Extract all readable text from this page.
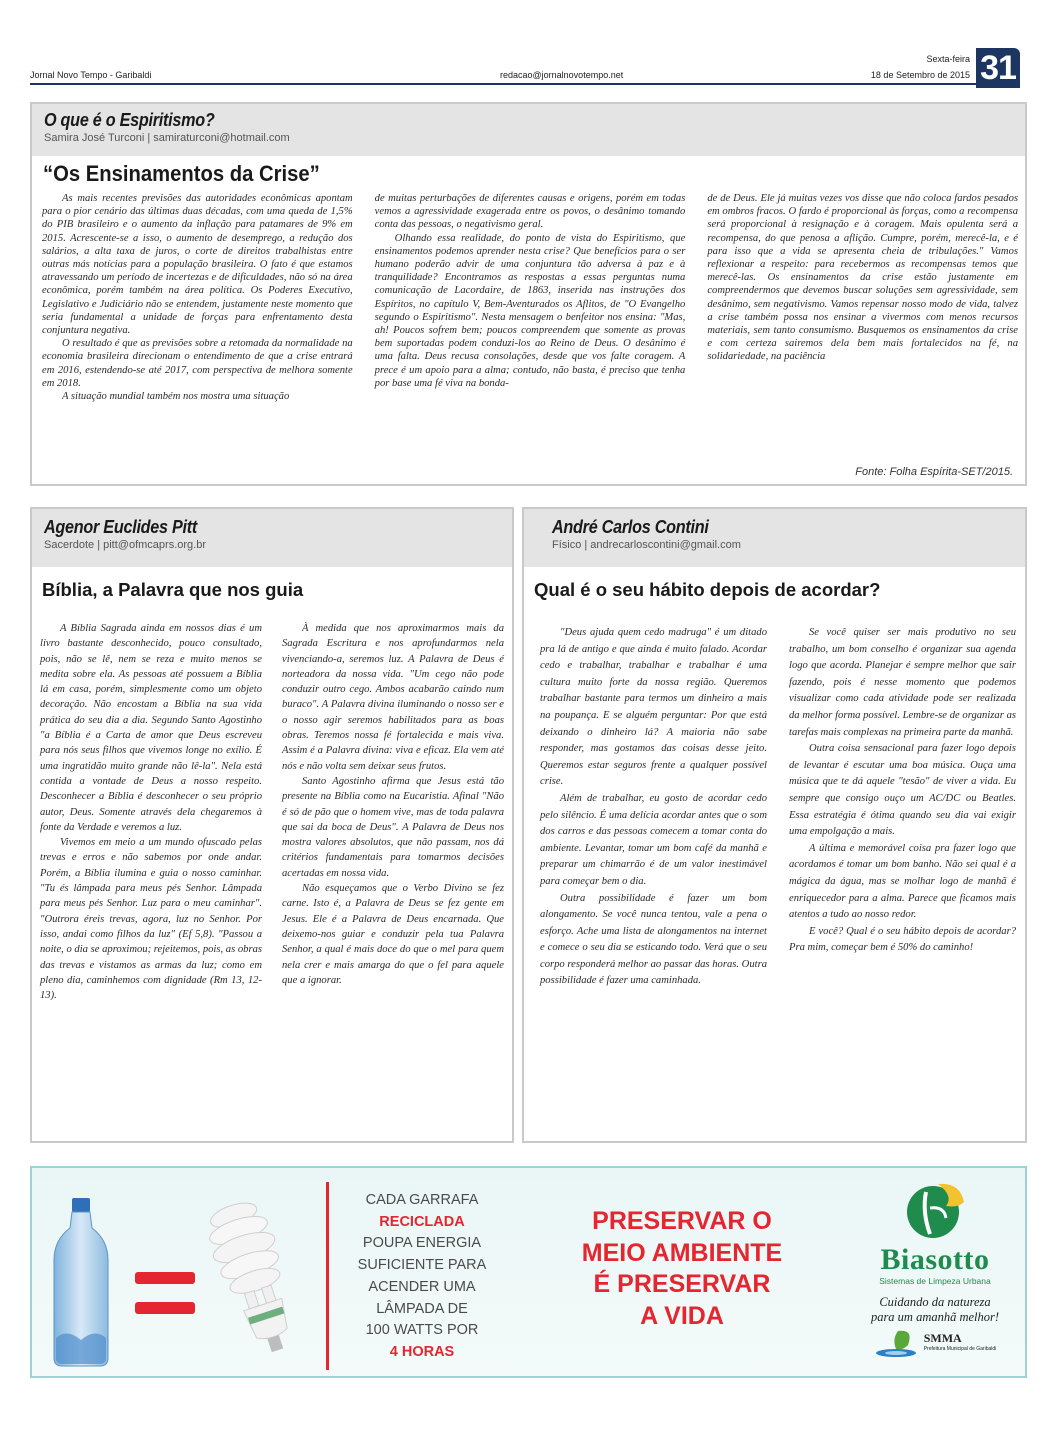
Jornal Novo Tempo - Garibaldi	redacao@jornalnovotempo.net
Sexta-feira
18 de Setembro de 2015 31
O que é o Espiritismo?
Samira José Turconi | samiraturconi@hotmail.com
“Os Ensinamentos da Crise”

As mais recentes previsões das autoridades econômicas apontam para o pior cenário das últimas duas décadas, com uma queda de 1,5% do PIB brasileiro e o aumento da inflação para patamares de 9% em 2015. Acrescente-se a isso, o aumento de desemprego, a redução dos salários, a alta taxa de juros, o corte de direitos trabalhistas entre outras más notícias para a população brasileira. O fato é que estamos atravessando um período de incertezas e de dificuldades, não só na área econômica, porém também na área política. Os Poderes Executivo, Legislativo e Judiciário não se entendem, justamente neste momento que seria fundamental a unidade de forças para enfrentamento desta conjuntura negativa.

O resultado é que as previsões sobre a retomada da normalidade na economia brasileira direcionam o entendimento de que a crise entrará em 2016, estendendo-se até 2017, com perspectiva de melhora somente em 2018.

A situação mundial também nos mostra uma situação

de muitas perturbações de diferentes causas e origens, porém em todas vemos a agressividade exagerada entre os povos, o desânimo tomando conta das pessoas, o negativismo geral.

Olhando essa realidade, do ponto de vista do Espiritismo, que ensinamentos podemos aprender nesta crise? Que benefícios para o ser humano poderão advir de uma conjuntura tão adversa à paz e à tranquilidade? Encontramos as respostas a essas perguntas numa comunicação de Lacordaire, de 1863, inserida nas instruções dos Espíritos, no capítulo V, Bem-Aventurados os Aflitos, de "O Evangelho segundo o Espiritismo". Nesta mensagem o benfeitor nos ensina: "Mas, ah! Poucos sofrem bem; poucos compreendem que somente as provas bem suportadas podem conduzi-los ao Reino de Deus. O desânimo é uma falta. Deus recusa consolações, desde que vos falte coragem. A prece é um apoio para a alma; contudo, não basta, é preciso que tenha por base uma fé viva na bonda-

de de Deus. Ele já muitas vezes vos disse que não coloca fardos pesados em ombros fracos. O fardo é proporcional às forças, como a recompensa será proporcional à resignação e à coragem. Mais opulenta será a recompensa, do que penosa a aflição. Cumpre, porém, merecê-la, e é para isso que a vida se apresenta cheia de tribulações." Vamos reflexionar a respeito: para recebermos as recompensas temos que merecê-las. Os ensinamentos da crise estão justamente em compreendermos que devemos buscar soluções sem agressividade, sem desânimo, sem negativismo. Vamos repensar nosso modo de vida, talvez a crise também possa nos ensinar a vivermos com menos recursos materiais, sem tanto consumismo. Busquemos os ensinamentos da crise e com certeza sairemos dela bem mais fortalecidos na fé, na solidariedade, na paciência

Fonte: Folha Espírita-SET/2015.
Agenor Euclides Pitt
Sacerdote | pitt@ofmcaprs.org.br
Bíblia, a Palavra que nos guia

A Bíblia Sagrada ainda em nossos dias é um livro bastante desconhecido, pouco consultado, pois, não se lê, nem se reza e muito menos se medita sobre ela. As pessoas até possuem a Bíblia lá em casa, porém, simplesmente como um objeto decoração. Não encostam a Bíblia na sua vida prática do seu dia a dia. Segundo Santo Agostinho "a Bíblia é a Carta de amor que Deus escreveu para nós seus filhos que vivemos longe no exílio. É uma ingratidão muito grande não lê-la". Nela está contida a vontade de Deus a nosso respeito. Desconhecer a Bíblia é desconhecer o seu próprio autor, Deus. Somente através dela chegaremos à fonte da Verdade e veremos a luz.

Vivemos em meio a um mundo ofuscado pelas trevas e erros e não sabemos por onde andar. Porém, a Bíblia ilumina e guia o nosso caminhar. "Tu és lâmpada para meus pés Senhor. Lâmpada para meus pés Senhor. Luz para o meu caminhar". "Outrora éreis trevas, agora, luz no Senhor. Por isso, andai como filhos da luz" (Ef 5,8). "Passou a noite, o dia se aproximou; rejeitemos, pois, as obras das trevas e vistamos as armas da luz; como em pleno dia, caminhemos com dignidade (Rm 13, 12-13).

À medida que nos aproximarmos mais da Sagrada Escritura e nos aprofundarmos nela vivenciando-a, seremos luz. A Palavra de Deus é norteadora da nossa vida. "Um cego não pode conduzir outro cego. Ambos acabarão caindo num buraco". A Palavra divina iluminando o nosso ser e o nosso agir seremos habilitados para as boas obras. Teremos nossa fé fortalecida e mais viva. Assim é a Palavra divina: viva e eficaz. Ela vem até nós e não volta sem deixar seus frutos.

Santo Agostinho afirma que Jesus está tão presente na Bíblia como na Eucaristia. Afinal "Não é só de pão que o homem vive, mas de toda palavra que sai da boca de Deus". A Palavra de Deus nos mostra valores absolutos, que não passam, nos dá critérios fundamentais para tomarmos decisões acertadas em nossa vida.

Não esqueçamos que o Verbo Divino se fez carne. Isto é, a Palavra de Deus se fez gente em Jesus. Ele é a Palavra de Deus encarnada. Que deixemo-nos guiar e conduzir pela tua Palavra Senhor, a qual é mais doce do que o mel para quem nela crer e mais amarga do que o fel para aquele que a ignorar.

André Carlos Contini
Físico | andrecarloscontini@gmail.com
Qual é o seu hábito depois de acordar?

"Deus ajuda quem cedo madruga" é um ditado pra lá de antigo e que ainda é muito falado. Acordar cedo e trabalhar, trabalhar e trabalhar é uma cultura muito forte da nossa região. Queremos trabalhar bastante para termos um dinheiro a mais na poupança. E se alguém perguntar: Por que está deixando o dinheiro lá? A maioria não sabe responder, mas gostamos das coisas desse jeito. Queremos estar seguros frente a qualquer possível crise.

Além de trabalhar, eu gosto de acordar cedo pelo silêncio. É uma delícia acordar antes que o som dos carros e das pessoas comecem a tomar conta do ambiente. Levantar, tomar um bom café da manhã e preparar um chimarrão é de um valor inestimável para começar bem o dia.

Outra possibilidade é fazer um bom alongamento. Se você nunca tentou, vale a pena o esforço. Ache uma lista de alongamentos na internet e comece o seu dia se esticando todo. Verá que o seu corpo responderá melhor ao passar das horas. Outra possibilidade é fazer uma caminhada.

Se você quiser ser mais produtivo no seu trabalho, um bom conselho é organizar sua agenda logo que acorda. Planejar é sempre melhor que sair fazendo, pois é nesse momento que podemos visualizar como cada atividade pode ser realizada da melhor forma possível. Lembre-se de organizar as tarefas mais complexas na primeira parte da manhã.

Outra coisa sensacional para fazer logo depois de levantar é escutar uma boa música. Ouça uma música que te dá aquele "tesão" de viver a vida. Eu sempre que consigo ouço um AC/DC ou Beatles. Essa estratégia é ótima quando seu dia vai exigir uma empolgação a mais.

A última e memorável coisa pra fazer logo que acordamos é tomar um bom banho. Não sei qual é a mágica da água, mas se molhar logo de manhã é enriquecedor para a alma. Parece que ficamos mais atentos a tudo ao nosso redor.

E você? Qual é o seu hábito depois de acordar? Pra mim, começar bem é 50% do caminho!

CADA GARRAFA
RECICLADA
POUPA ENERGIA
SUFICIENTE PARA
ACENDER UMA
LÂMPADA DE
100 WATTS POR
4 HORAS
PRESERVAR O
MEIO AMBIENTE
É PRESERVAR
A VIDA
Biasotto
Sistemas de Limpeza Urbana
Cuidando da natureza
para um amanhã melhor!
SMMA
Prefeitura Municipal de Garibaldi
